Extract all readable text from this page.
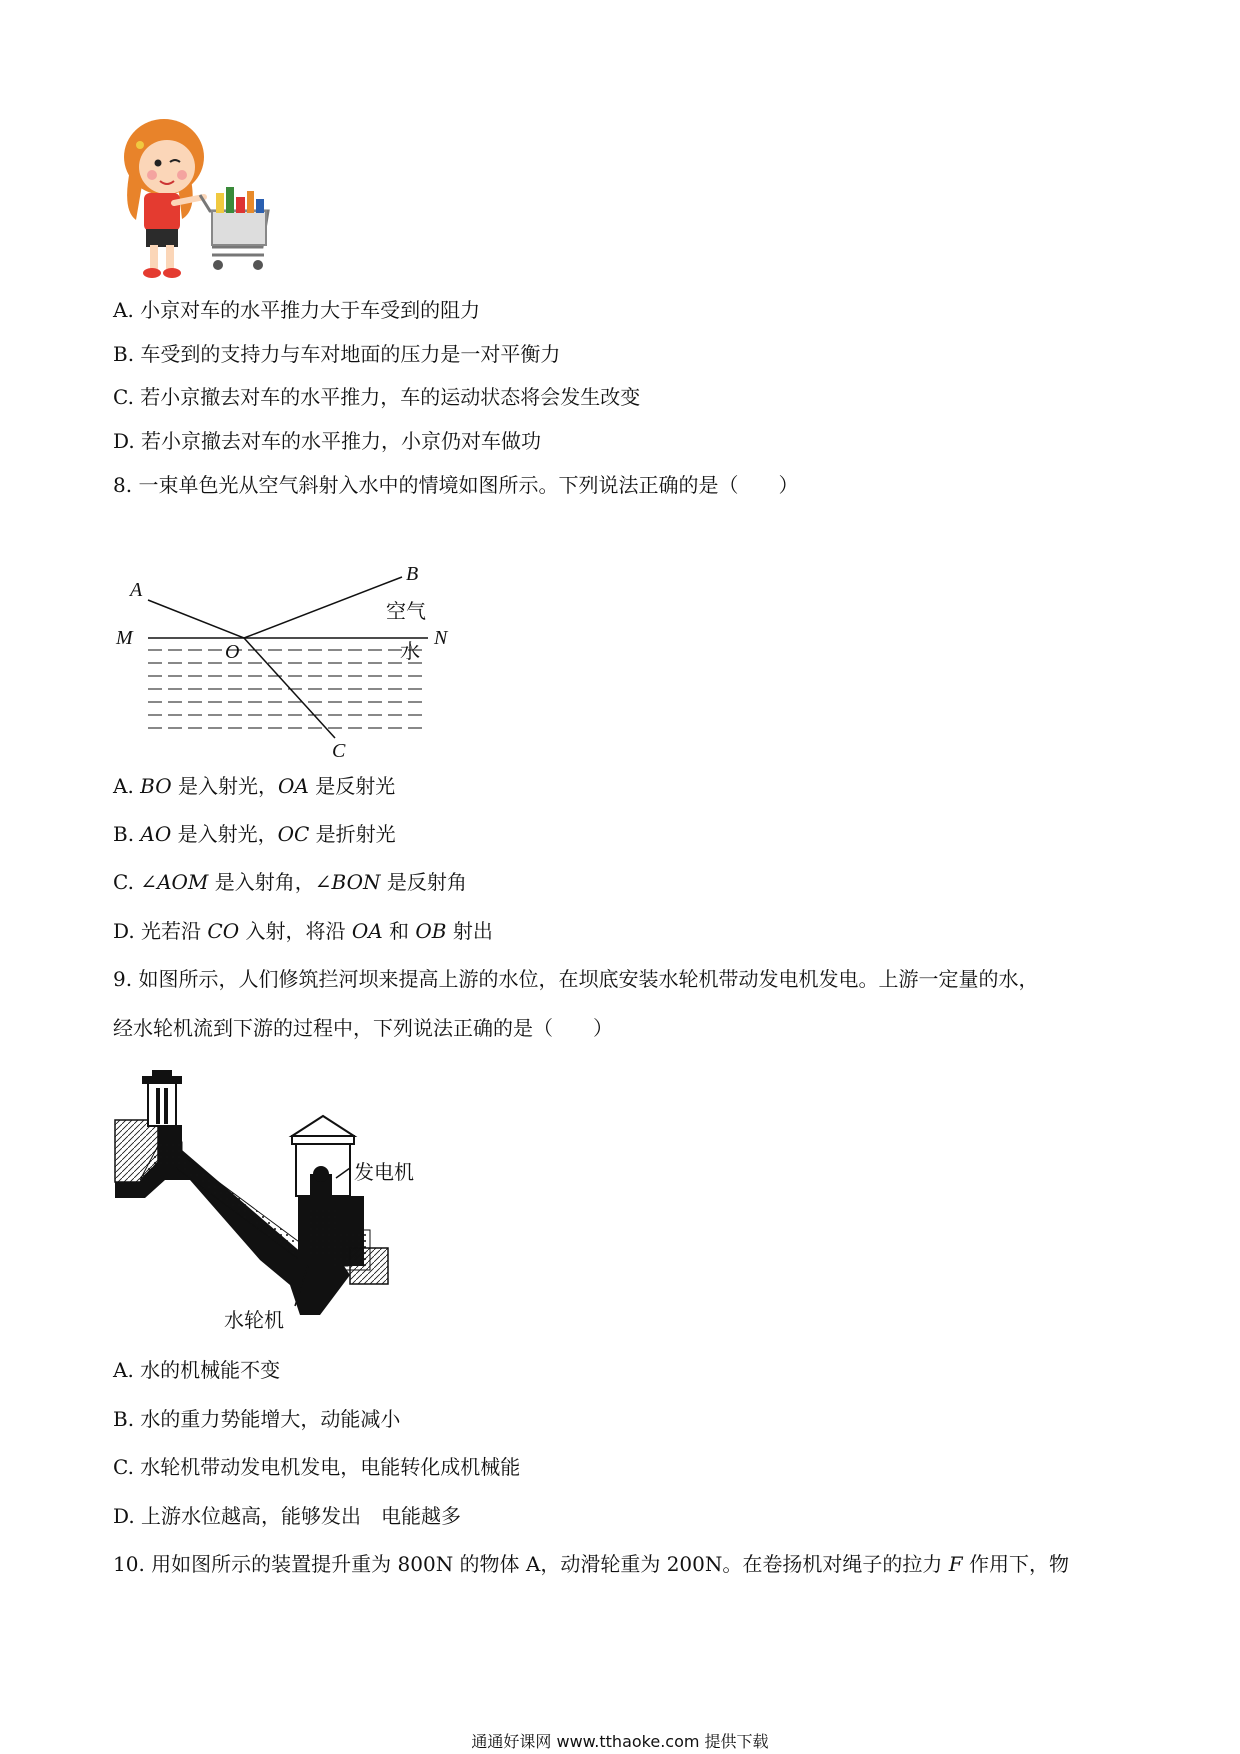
A. 小京对车的水平推力大于车受到的阻力
B. 车受到的支持力与车对地面的压力是一对平衡力
C. 若小京撤去对车的水平推力，车的运动状态将会发生改变
D. 若小京撤去对车的水平推力，小京仍对车做功
8. 一束单色光从空气斜射入水中的情境如图所示。下列说法正确的是（　　）
A
B
C
O
M	N
空气
水
A. BO 是入射光，OA 是反射光
B. AO 是入射光，OC 是折射光
C. ∠AOM 是入射角，∠BON 是反射角
D. 光若沿 CO 入射，将沿 OA 和 OB 射出
9. 如图所示，人们修筑拦河坝来提高上游的水位，在坝底安装水轮机带动发电机发电。上游一定量的水，
经水轮机流到下游的过程中，下列说法正确的是（　　）
发电机
水轮机
A. 水的机械能不变
B. 水的重力势能增大，动能减小
C. 水轮机带动发电机发电，电能转化成机械能
D. 上游水位越高，能够发出　电能越多
10. 用如图所示的装置提升重为 800N 的物体 A，动滑轮重为 200N。在卷扬机对绳子的拉力 F 作用下，物
通通好课网 www.tthaoke.com 提供下载
